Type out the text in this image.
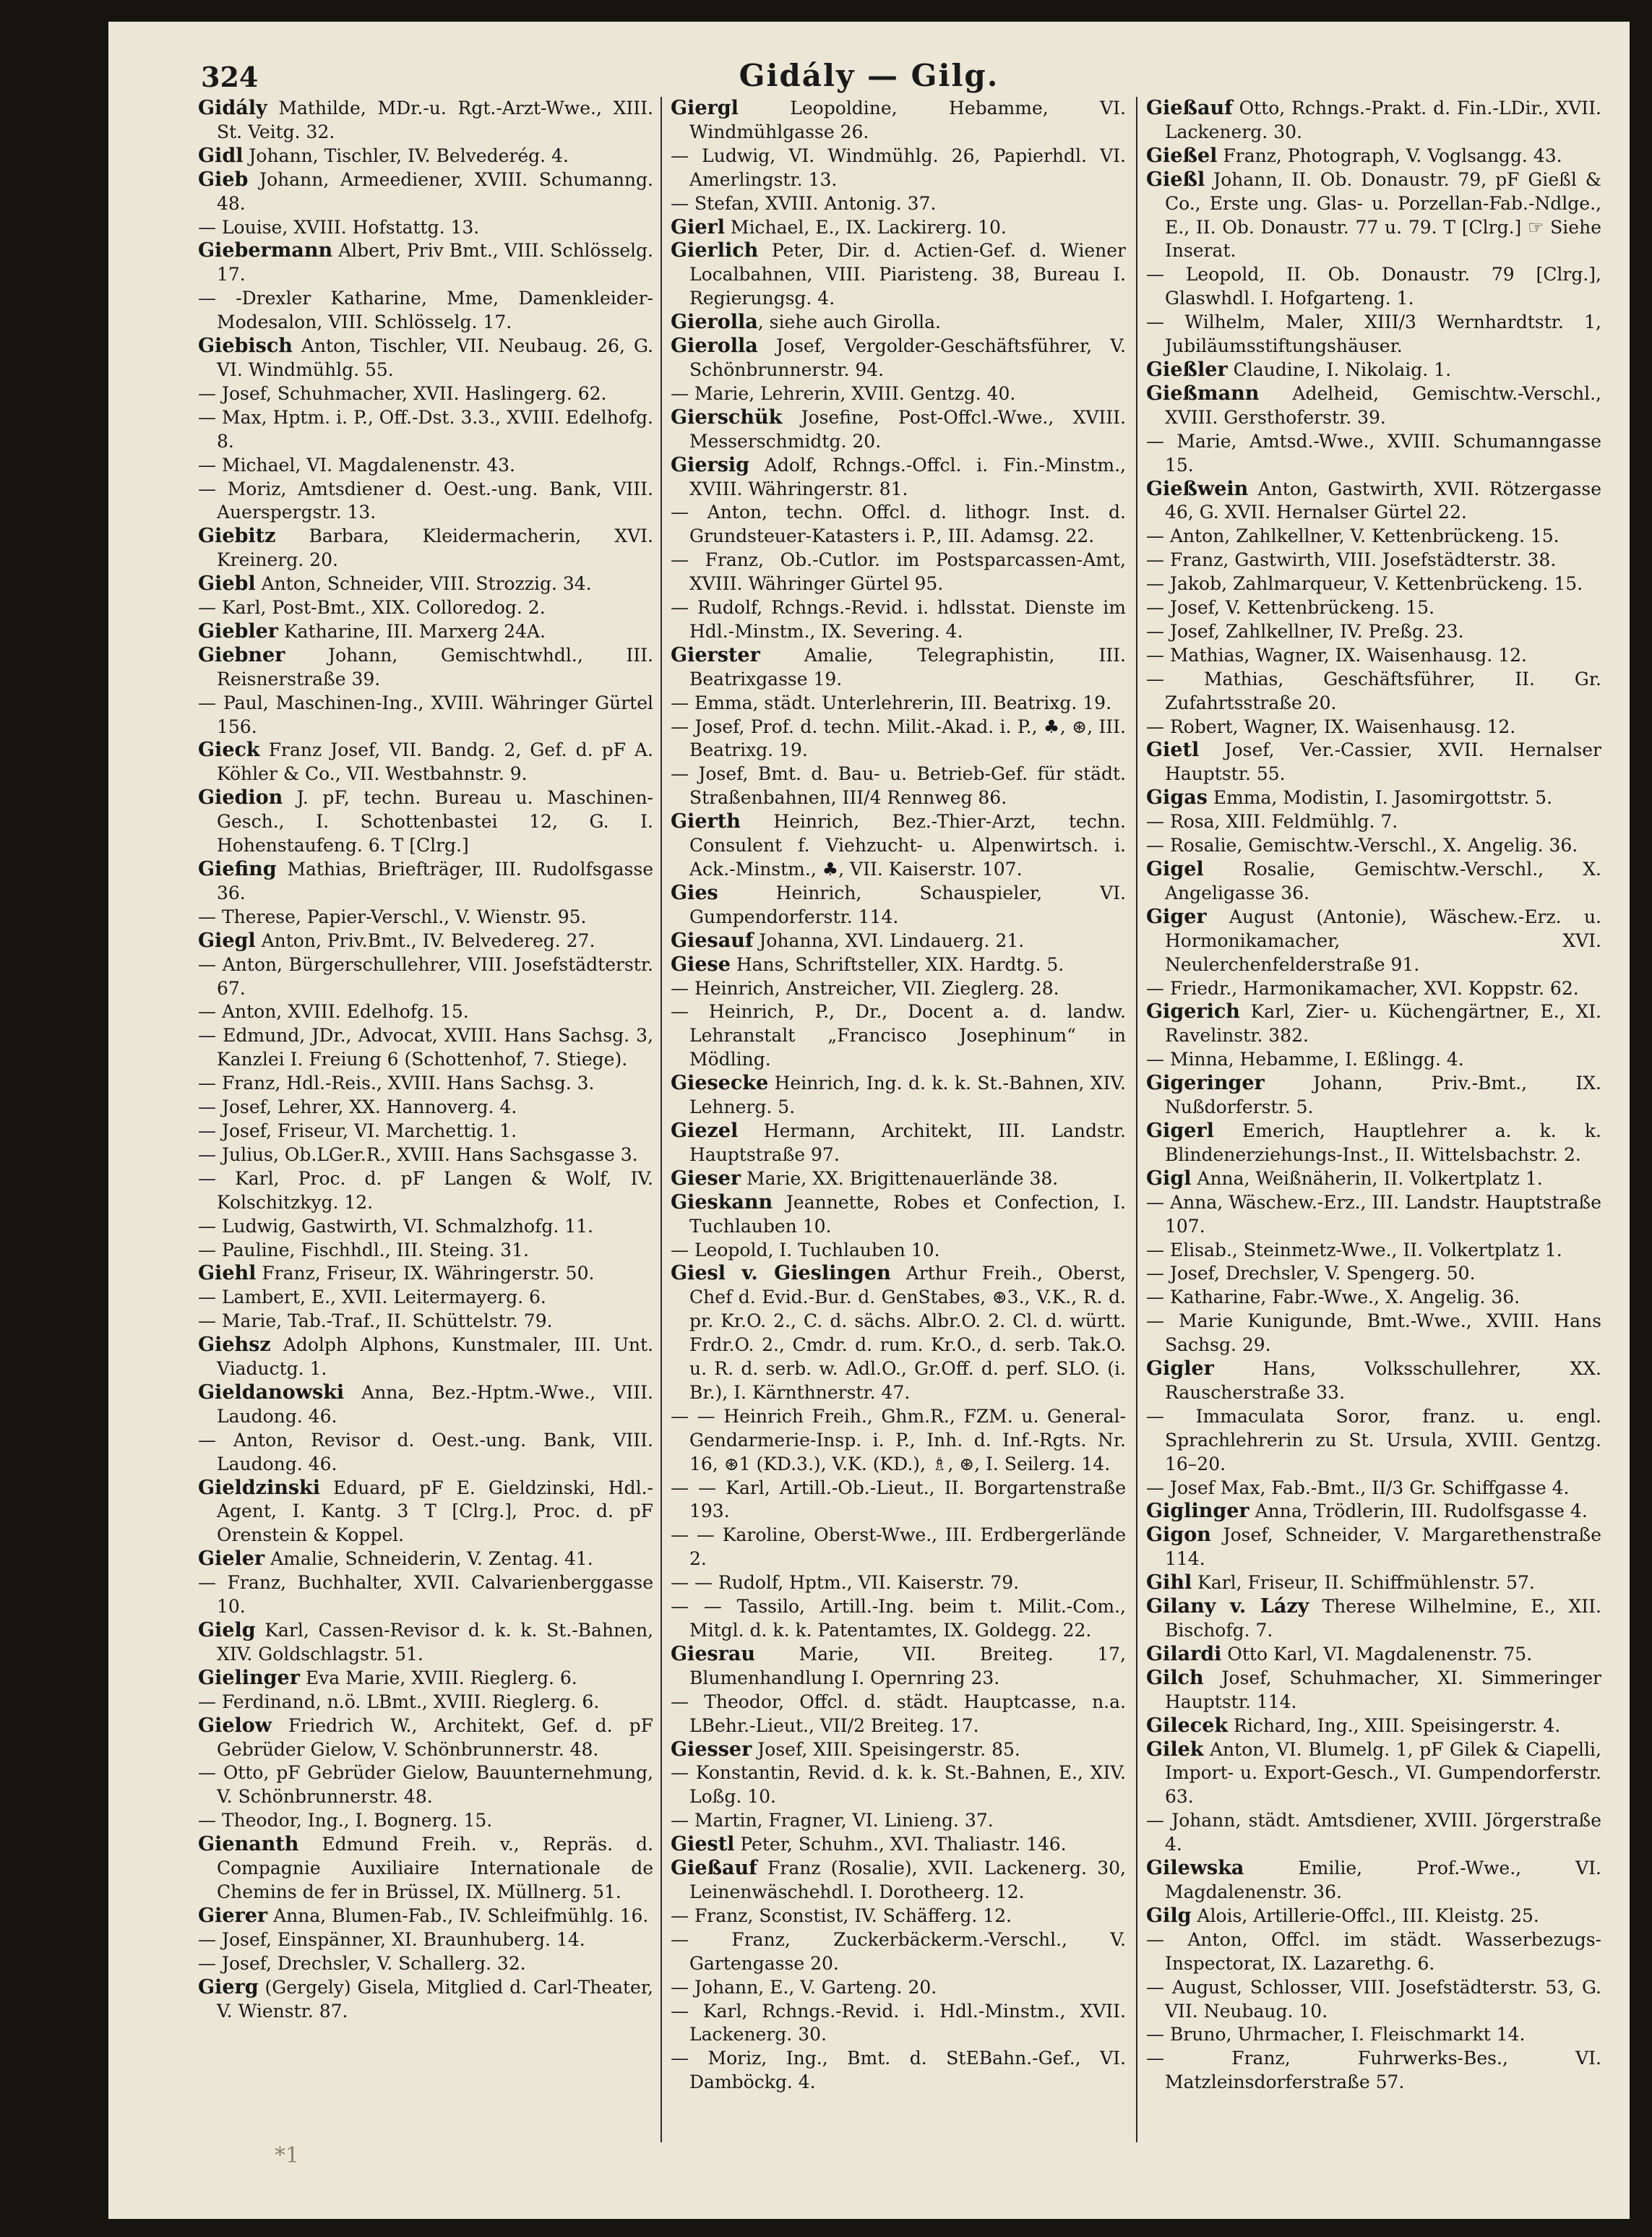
324	Gidály — Gilg.

Gidály Mathilde, MDr.-u. Rgt.-Arzt-Wwe., XIII. St. Veitg. 32.

Gidl Johann, Tischler, IV. Belvederég. 4.

Gieb Johann, Armeediener, XVIII. Schumanng. 48.

— Louise, XVIII. Hofstattg. 13.

Giebermann Albert, Priv Bmt., VIII. Schlösselg. 17.

— -Drexler Katharine, Mme, Damenkleider-Modesalon, VIII. Schlösselg. 17.

Giebisch Anton, Tischler, VII. Neubaug. 26, G. VI. Windmühlg. 55.

— Josef, Schuhmacher, XVII. Haslingerg. 62.

— Max, Hptm. i. P., Off.-Dst. 3.3., XVIII. Edelhofg. 8.

— Michael, VI. Magdalenenstr. 43.

— Moriz, Amtsdiener d. Oest.-ung. Bank, VIII. Auerspergstr. 13.

Giebitz Barbara, Kleidermacherin, XVI. Kreinerg. 20.

Giebl Anton, Schneider, VIII. Strozzig. 34.

— Karl, Post-Bmt., XIX. Colloredog. 2.

Giebler Katharine, III. Marxerg 24A.

Giebner Johann, Gemischtwhdl., III. Reisnerstraße 39.

— Paul, Maschinen-Ing., XVIII. Währinger Gürtel 156.

Gieck Franz Josef, VII. Bandg. 2, Gef. d. pF A. Köhler & Co., VII. Westbahnstr. 9.

Giedion J. pF, techn. Bureau u. Maschinen-Gesch., I. Schottenbastei 12, G. I. Hohenstaufeng. 6. T [Clrg.]

Giefing Mathias, Briefträger, III. Rudolfsgasse 36.

— Therese, Papier-Verschl., V. Wienstr. 95.

Giegl Anton, Priv.Bmt., IV. Belvedereg. 27.

— Anton, Bürgerschullehrer, VIII. Josefstädterstr. 67.

— Anton, XVIII. Edelhofg. 15.

— Edmund, JDr., Advocat, XVIII. Hans Sachsg. 3, Kanzlei I. Freiung 6 (Schottenhof, 7. Stiege).

— Franz, Hdl.-Reis., XVIII. Hans Sachsg. 3.

— Josef, Lehrer, XX. Hannoverg. 4.

— Josef, Friseur, VI. Marchettig. 1.

— Julius, Ob.LGer.R., XVIII. Hans Sachsgasse 3.

— Karl, Proc. d. pF Langen & Wolf, IV. Kolschitzkyg. 12.

— Ludwig, Gastwirth, VI. Schmalzhofg. 11.

— Pauline, Fischhdl., III. Steing. 31.

Giehl Franz, Friseur, IX. Währingerstr. 50.

— Lambert, E., XVII. Leitermayerg. 6.

— Marie, Tab.-Traf., II. Schüttelstr. 79.

Giehsz Adolph Alphons, Kunstmaler, III. Unt. Viaductg. 1.

Gieldanowski Anna, Bez.-Hptm.-Wwe., VIII. Laudong. 46.

— Anton, Revisor d. Oest.-ung. Bank, VIII. Laudong. 46.

Gieldzinski Eduard, pF E. Gieldzinski, Hdl.-Agent, I. Kantg. 3 T [Clrg.], Proc. d. pF Orenstein & Koppel.

Gieler Amalie, Schneiderin, V. Zentag. 41.

— Franz, Buchhalter, XVII. Calvarienberggasse 10.

Gielg Karl, Cassen-Revisor d. k. k. St.-Bahnen, XIV. Goldschlagstr. 51.

Gielinger Eva Marie, XVIII. Rieglerg. 6.

— Ferdinand, n.ö. LBmt., XVIII. Rieglerg. 6.

Gielow Friedrich W., Architekt, Gef. d. pF Gebrüder Gielow, V. Schönbrunnerstr. 48.

— Otto, pF Gebrüder Gielow, Bauunternehmung, V. Schönbrunnerstr. 48.

— Theodor, Ing., I. Bognerg. 15.

Gienanth Edmund Freih. v., Repräs. d. Compagnie Auxiliaire Internationale de Chemins de fer in Brüssel, IX. Müllnerg. 51.

Gierer Anna, Blumen-Fab., IV. Schleifmühlg. 16.

— Josef, Einspänner, XI. Braunhuberg. 14.

— Josef, Drechsler, V. Schallerg. 32.

Gierg (Gergely) Gisela, Mitglied d. Carl-Theater, V. Wienstr. 87.

Giergl Leopoldine, Hebamme, VI. Windmühlgasse 26.

— Ludwig, VI. Windmühlg. 26, Papierhdl. VI. Amerlingstr. 13.

— Stefan, XVIII. Antonig. 37.

Gierl Michael, E., IX. Lackirerg. 10.

Gierlich Peter, Dir. d. Actien-Gef. d. Wiener Localbahnen, VIII. Piaristeng. 38, Bureau I. Regierungsg. 4.

Gierolla, siehe auch Girolla.

Gierolla Josef, Vergolder-Geschäftsführer, V. Schönbrunnerstr. 94.

— Marie, Lehrerin, XVIII. Gentzg. 40.

Gierschük Josefine, Post-Offcl.-Wwe., XVIII. Messerschmidtg. 20.

Giersig Adolf, Rchngs.-Offcl. i. Fin.-Minstm., XVIII. Währingerstr. 81.

— Anton, techn. Offcl. d. lithogr. Inst. d. Grundsteuer-Katasters i. P., III. Adamsg. 22.

— Franz, Ob.-Cutlor. im Postsparcassen-Amt, XVIII. Währinger Gürtel 95.

— Rudolf, Rchngs.-Revid. i. hdlsstat. Dienste im Hdl.-Minstm., IX. Severing. 4.

Gierster Amalie, Telegraphistin, III. Beatrixgasse 19.

— Emma, städt. Unterlehrerin, III. Beatrixg. 19.

— Josef, Prof. d. techn. Milit.-Akad. i. P., ♣, ⊛, III. Beatrixg. 19.

— Josef, Bmt. d. Bau- u. Betrieb-Gef. für städt. Straßenbahnen, III/4 Rennweg 86.

Gierth Heinrich, Bez.-Thier-Arzt, techn. Consulent f. Viehzucht- u. Alpenwirtsch. i. Ack.-Minstm., ♣, VII. Kaiserstr. 107.

Gies Heinrich, Schauspieler, VI. Gumpendorferstr. 114.

Giesauf Johanna, XVI. Lindauerg. 21.

Giese Hans, Schriftsteller, XIX. Hardtg. 5.

— Heinrich, Anstreicher, VII. Zieglerg. 28.

— Heinrich, P., Dr., Docent a. d. landw. Lehranstalt „Francisco Josephinum“ in Mödling.

Giesecke Heinrich, Ing. d. k. k. St.-Bahnen, XIV. Lehnerg. 5.

Giezel Hermann, Architekt, III. Landstr. Hauptstraße 97.

Gieser Marie, XX. Brigittenauerlände 38.

Gieskann Jeannette, Robes et Confection, I. Tuchlauben 10.

— Leopold, I. Tuchlauben 10.

Giesl v. Gieslingen Arthur Freih., Oberst, Chef d. Evid.-Bur. d. GenStabes, ⊛3., V.K., R. d. pr. Kr.O. 2., C. d. sächs. Albr.O. 2. Cl. d. württ. Frdr.O. 2., Cmdr. d. rum. Kr.O., d. serb. Tak.O. u. R. d. serb. w. Adl.O., Gr.Off. d. perf. SLO. (i. Br.), I. Kärnthnerstr. 47.

— — Heinrich Freih., Ghm.R., FZM. u. General-Gendarmerie-Insp. i. P., Inh. d. Inf.-Rgts. Nr. 16, ⊛1 (KD.3.), V.K. (KD.), ♗, ⊛, I. Seilerg. 14.

— — Karl, Artill.-Ob.-Lieut., II. Borgartenstraße 193.

— — Karoline, Oberst-Wwe., III. Erdbergerlände 2.

— — Rudolf, Hptm., VII. Kaiserstr. 79.

— — Tassilo, Artill.-Ing. beim t. Milit.-Com., Mitgl. d. k. k. Patentamtes, IX. Goldegg. 22.

Giesrau Marie, VII. Breiteg. 17, Blumenhandlung I. Opernring 23.

— Theodor, Offcl. d. städt. Hauptcasse, n.a. LBehr.-Lieut., VII/2 Breiteg. 17.

Giesser Josef, XIII. Speisingerstr. 85.

— Konstantin, Revid. d. k. k. St.-Bahnen, E., XIV. Loßg. 10.

— Martin, Fragner, VI. Linieng. 37.

Giestl Peter, Schuhm., XVI. Thaliastr. 146.

Gießauf Franz (Rosalie), XVII. Lackenerg. 30, Leinenwäschehdl. I. Dorotheerg. 12.

— Franz, Sconstist, IV. Schäfferg. 12.

— Franz, Zuckerbäckerm.-Verschl., V. Gartengasse 20.

— Johann, E., V. Garteng. 20.

— Karl, Rchngs.-Revid. i. Hdl.-Minstm., XVII. Lackenerg. 30.

— Moriz, Ing., Bmt. d. StEBahn.-Gef., VI. Damböckg. 4.

Gießauf Otto, Rchngs.-Prakt. d. Fin.-LDir., XVII. Lackenerg. 30.

Gießel Franz, Photograph, V. Voglsangg. 43.

Gießl Johann, II. Ob. Donaustr. 79, pF Gießl & Co., Erste ung. Glas- u. Porzellan-Fab.-Ndlge., E., II. Ob. Donaustr. 77 u. 79. T [Clrg.] ☞ Siehe Inserat.

— Leopold, II. Ob. Donaustr. 79 [Clrg.], Glaswhdl. I. Hofgarteng. 1.

— Wilhelm, Maler, XIII/3 Wernhardtstr. 1, Jubiläumsstiftungshäuser.

Gießler Claudine, I. Nikolaig. 1.

Gießmann Adelheid, Gemischtw.-Verschl., XVIII. Gersthoferstr. 39.

— Marie, Amtsd.-Wwe., XVIII. Schumanngasse 15.

Gießwein Anton, Gastwirth, XVII. Rötzergasse 46, G. XVII. Hernalser Gürtel 22.

— Anton, Zahlkellner, V. Kettenbrückeng. 15.

— Franz, Gastwirth, VIII. Josefstädterstr. 38.

— Jakob, Zahlmarqueur, V. Kettenbrückeng. 15.

— Josef, V. Kettenbrückeng. 15.

— Josef, Zahlkellner, IV. Preßg. 23.

— Mathias, Wagner, IX. Waisenhausg. 12.

— Mathias, Geschäftsführer, II. Gr. Zufahrtsstraße 20.

— Robert, Wagner, IX. Waisenhausg. 12.

Gietl Josef, Ver.-Cassier, XVII. Hernalser Hauptstr. 55.

Gigas Emma, Modistin, I. Jasomirgottstr. 5.

— Rosa, XIII. Feldmühlg. 7.

— Rosalie, Gemischtw.-Verschl., X. Angelig. 36.

Gigel Rosalie, Gemischtw.-Verschl., X. Angeligasse 36.

Giger August (Antonie), Wäschew.-Erz. u. Hormonikamacher, XVI. Neulerchenfelderstraße 91.

— Friedr., Harmonikamacher, XVI. Koppstr. 62.

Gigerich Karl, Zier- u. Küchengärtner, E., XI. Ravelinstr. 382.

— Minna, Hebamme, I. Eßlingg. 4.

Gigeringer Johann, Priv.-Bmt., IX. Nußdorferstr. 5.

Gigerl Emerich, Hauptlehrer a. k. k. Blindenerziehungs-Inst., II. Wittelsbachstr. 2.

Gigl Anna, Weißnäherin, II. Volkertplatz 1.

— Anna, Wäschew.-Erz., III. Landstr. Hauptstraße 107.

— Elisab., Steinmetz-Wwe., II. Volkertplatz 1.

— Josef, Drechsler, V. Spengerg. 50.

— Katharine, Fabr.-Wwe., X. Angelig. 36.

— Marie Kunigunde, Bmt.-Wwe., XVIII. Hans Sachsg. 29.

Gigler Hans, Volksschullehrer, XX. Rauscherstraße 33.

— Immaculata Soror, franz. u. engl. Sprachlehrerin zu St. Ursula, XVIII. Gentzg. 16–20.

— Josef Max, Fab.-Bmt., II/3 Gr. Schiffgasse 4.

Giglinger Anna, Trödlerin, III. Rudolfsgasse 4.

Gigon Josef, Schneider, V. Margarethenstraße 114.

Gihl Karl, Friseur, II. Schiffmühlenstr. 57.

Gilany v. Lázy Therese Wilhelmine, E., XII. Bischofg. 7.

Gilardi Otto Karl, VI. Magdalenenstr. 75.

Gilch Josef, Schuhmacher, XI. Simmeringer Hauptstr. 114.

Gilecek Richard, Ing., XIII. Speisingerstr. 4.

Gilek Anton, VI. Blumelg. 1, pF Gilek & Ciapelli, Import- u. Export-Gesch., VI. Gumpendorferstr. 63.

— Johann, städt. Amtsdiener, XVIII. Jörgerstraße 4.

Gilewska Emilie, Prof.-Wwe., VI. Magdalenenstr. 36.

Gilg Alois, Artillerie-Offcl., III. Kleistg. 25.

— Anton, Offcl. im städt. Wasserbezugs-Inspectorat, IX. Lazarethg. 6.

— August, Schlosser, VIII. Josefstädterstr. 53, G. VII. Neubaug. 10.

— Bruno, Uhrmacher, I. Fleischmarkt 14.

— Franz, Fuhrwerks-Bes., VI. Matzleinsdorferstraße 57.

*1
